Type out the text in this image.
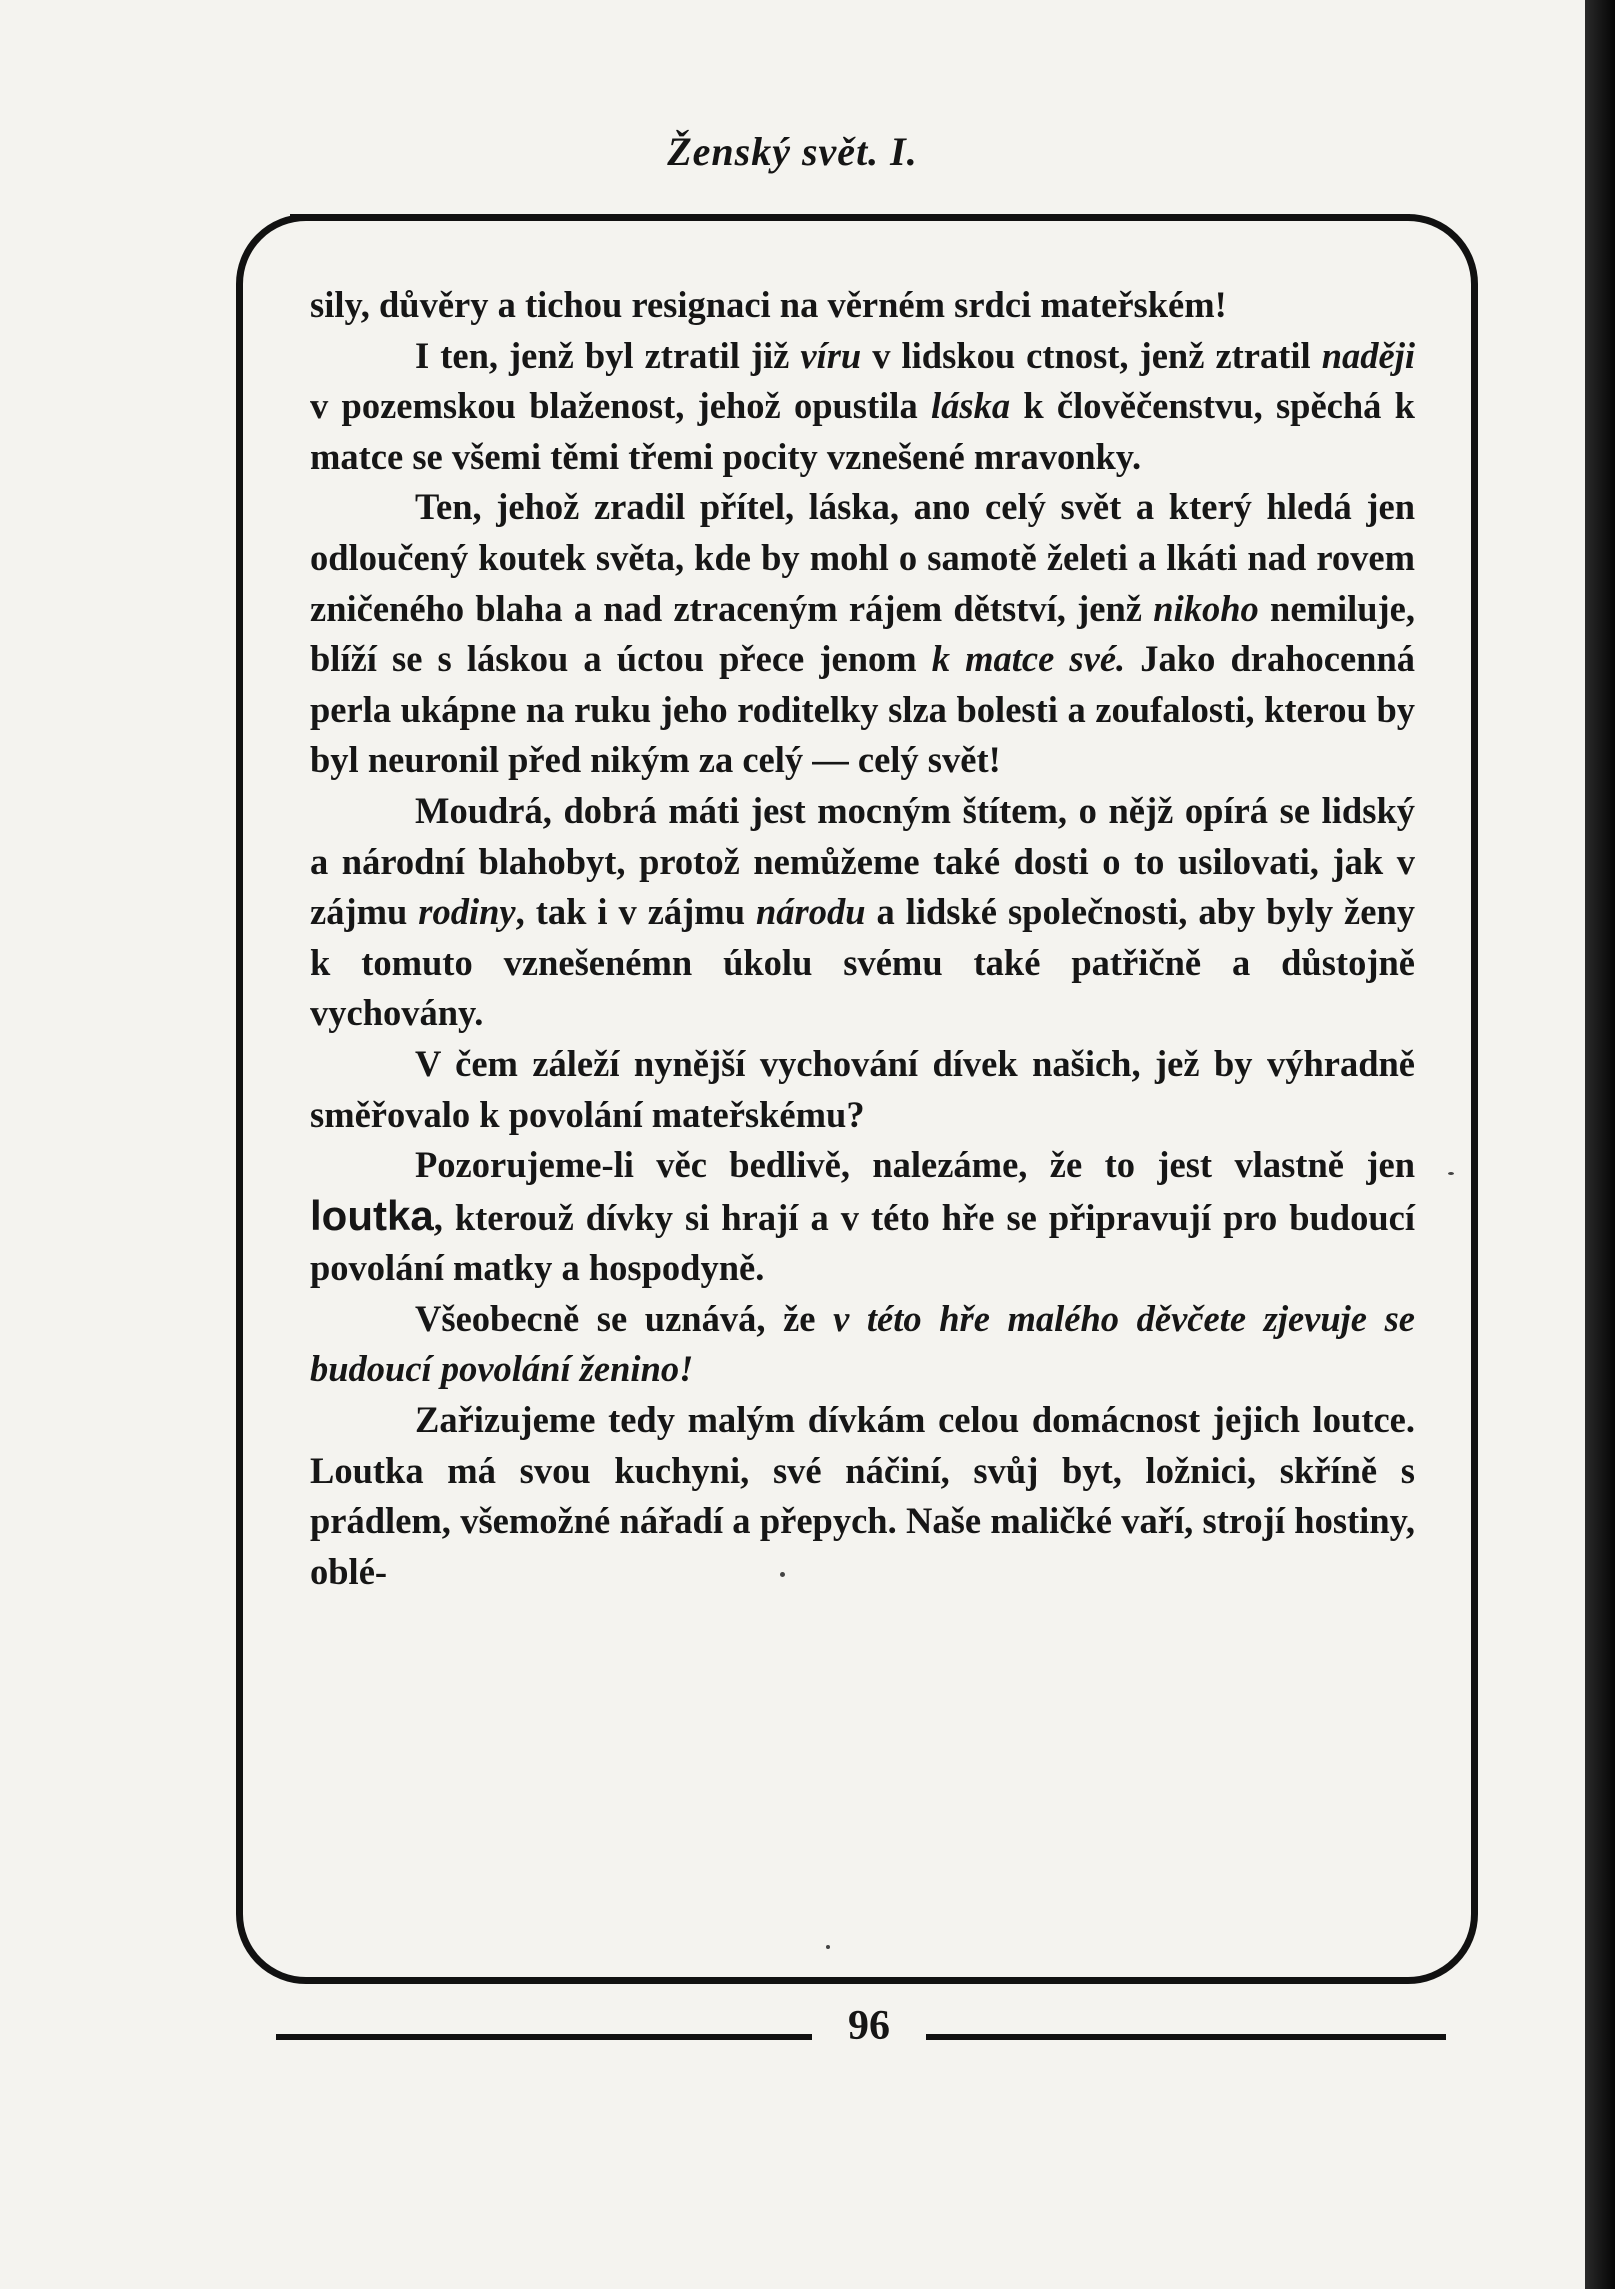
Ženský svět. I.

sily, důvěry a tichou resignaci na věrném srdci mateřském!

I ten, jenž byl ztratil již víru v lidskou ctnost, jenž ztratil naději v pozemskou blaženost, jehož opustila láska k člověčenstvu, spěchá k matce se všemi těmi třemi pocity vznešené mravonky.

Ten, jehož zradil přítel, láska, ano celý svět a který hledá jen odloučený koutek světa, kde by mohl o samotě želeti a lkáti nad rovem zničeného blaha a nad ztraceným rájem dětství, jenž nikoho nemiluje, blíží se s láskou a úctou přece jenom k matce své. Jako drahocenná perla ukápne na ruku jeho roditelky slza bolesti a zoufalosti, kterou by byl neuronil před nikým za celý — celý svět!

Moudrá, dobrá máti jest mocným štítem, o nějž opírá se lidský a národní blahobyt, protož nemůžeme také dosti o to usilovati, jak v zájmu rodiny, tak i v zájmu národu a lidské společnosti, aby byly ženy k tomuto vznešenémn úkolu svému také patřičně a důstojně vychovány.

V čem záleží nynější vychování dívek našich, jež by výhradně směřovalo k povolání mateřskému?

Pozorujeme-li věc bedlivě, nalezáme, že to jest vlastně jen loutka, kterouž dívky si hrají a v této hře se připravují pro budoucí povolání matky a hospodyně.

Všeobecně se uznává, že v této hře malého děvčete zjevuje se budoucí povolání ženino!

Zařizujeme tedy malým dívkám celou domácnost jejich loutce. Loutka má svou kuchyni, své náčiní, svůj byt, ložnici, skříně s prádlem, všemožné nářadí a přepych. Naše maličké vaří, strojí hostiny, oblé-

96
